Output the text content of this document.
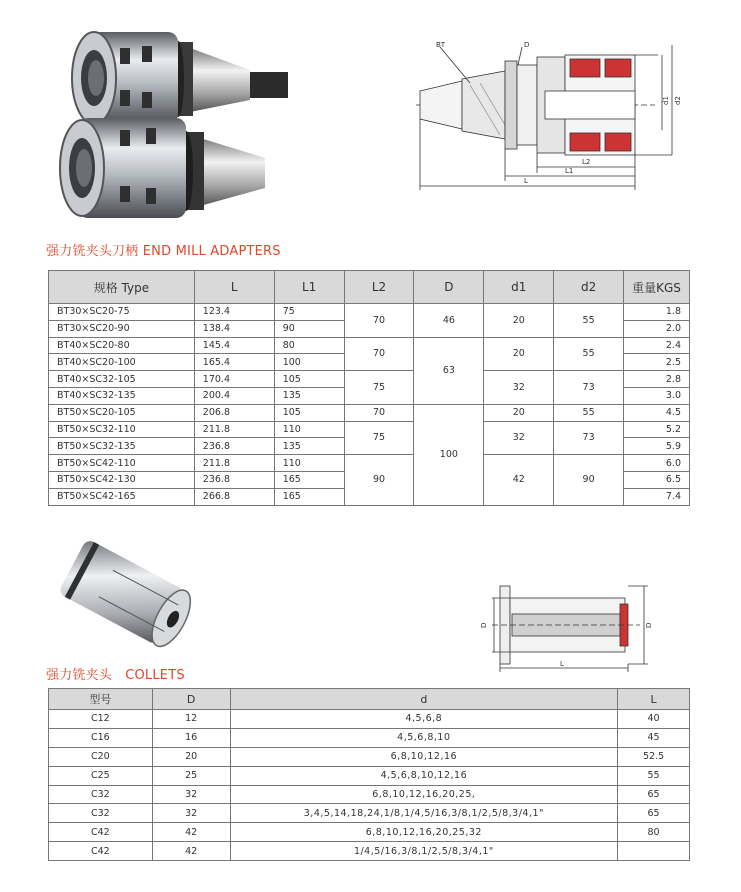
BT	D
L2
L1
L
d1 d2
强力铣夹头刀柄 END MILL ADAPTERS
规格 Type	L	L1	L2	D	d1	d2	重量KGS
BT30×SC20-75	123.4	75	70	46	20	55	1.8
BT30×SC20-90	138.4	90					2.0
BT40×SC20-80	145.4	80	70	63	20	55	2.4
BT40×SC20-100	165.4	100					2.5
BT40×SC32-105	170.4	105	75		32	73	2.8
BT40×SC32-135	200.4	135					3.0
BT50×SC20-105	206.8	105	70	100	20	55	4.5
BT50×SC32-110	211.8	110	75		32	73	5.2
BT50×SC32-135	236.8	135					5.9
BT50×SC42-110	211.8	110	90		42	90	6.0
BT50×SC42-130	236.8	165					6.5
BT50×SC42-165	266.8	165					7.4
D	D
L
强力铣夹头　COLLETS
型号	D	d	L
C12	12	4,5,6,8	40
C16	16	4,5,6,8,10	45
C20	20	6,8,10,12,16	52.5
C25	25	4,5,6,8,10,12,16	55
C32	32	6,8,10,12,16,20,25,	65
C32	32	3,4,5,14,18,24,1/8,1/4,5/16,3/8,1/2,5/8,3/4,1"	65
C42	42	6,8,10,12,16,20,25,32	80
C42	42	1/4,5/16,3/8,1/2,5/8,3/4,1"	
